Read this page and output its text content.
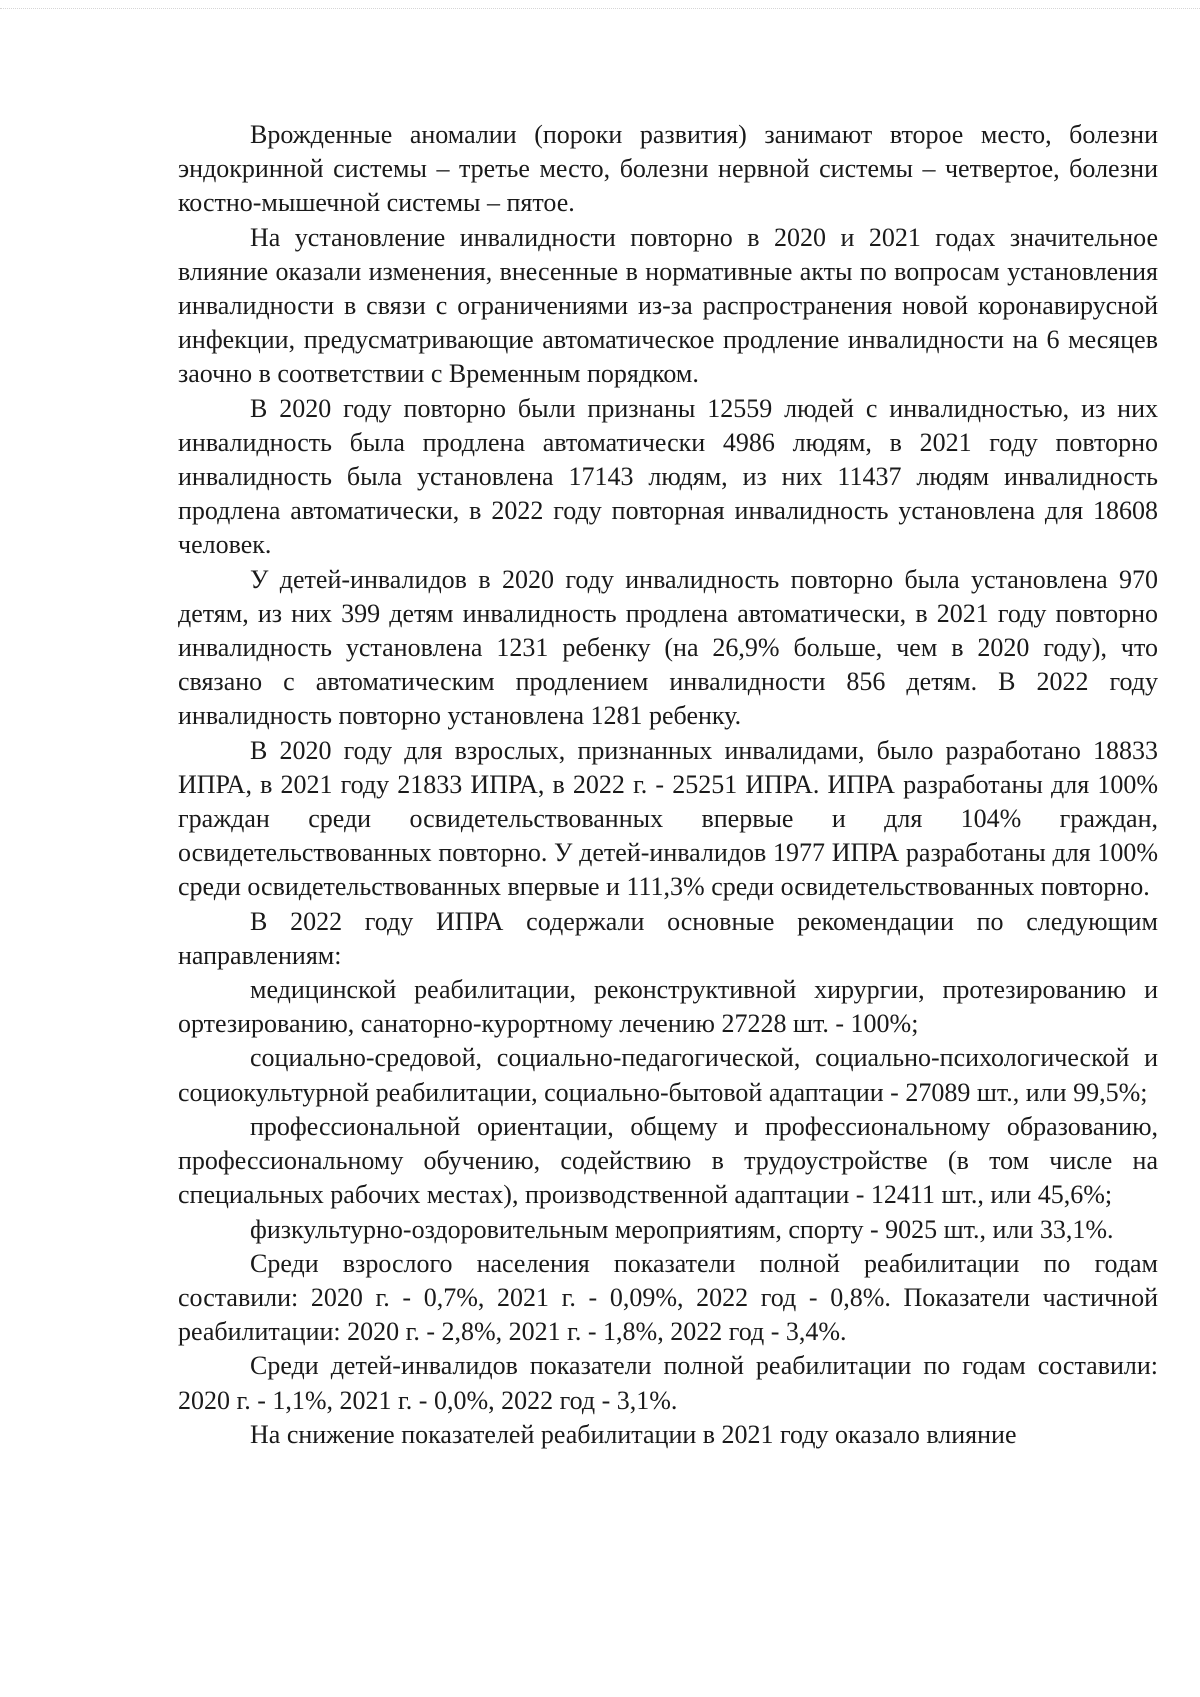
Врожденные аномалии (пороки развития) занимают второе место, болезни эндокринной системы – третье место, болезни нервной системы – четвертое, болезни костно-мышечной системы – пятое.

На установление инвалидности повторно в 2020 и 2021 годах значительное влияние оказали изменения, внесенные в нормативные акты по вопросам установления инвалидности в связи с ограничениями из-за распространения новой коронавирусной инфекции, предусматривающие автоматическое продление инвалидности на 6 месяцев заочно в соответствии с Временным порядком.

В 2020 году повторно были признаны 12559 людей с инвалидностью, из них инвалидность была продлена автоматически 4986 людям, в 2021 году повторно инвалидность была установлена 17143 людям, из них 11437 людям инвалидность продлена автоматически, в 2022 году повторная инвалидность установлена для 18608 человек.

У детей-инвалидов в 2020 году инвалидность повторно была установлена 970 детям, из них 399 детям инвалидность продлена автоматически, в 2021 году повторно инвалидность установлена 1231 ребенку (на 26,9% больше, чем в 2020 году), что связано с автоматическим продлением инвалидности 856 детям. В 2022 году инвалидность повторно установлена 1281 ребенку.

В 2020 году для взрослых, признанных инвалидами, было разработано 18833 ИПРА, в 2021 году 21833 ИПРА, в 2022 г. - 25251 ИПРА. ИПРА разработаны для 100% граждан среди освидетельствованных впервые и для 104% граждан, освидетельствованных повторно. У детей-инвалидов 1977 ИПРА разработаны для 100% среди освидетельствованных впервые и 111,3% среди освидетельствованных повторно.

В 2022 году ИПРА содержали основные рекомендации по следующим направлениям:

медицинской реабилитации, реконструктивной хирургии, протезированию и ортезированию, санаторно-курортному лечению 27228 шт. - 100%;

социально-средовой, социально-педагогической, социально-психологической и социокультурной реабилитации, социально-бытовой адаптации - 27089 шт., или 99,5%;

профессиональной ориентации, общему и профессиональному образованию, профессиональному обучению, содействию в трудоустройстве (в том числе на специальных рабочих местах), производственной адаптации - 12411 шт., или 45,6%;

физкультурно-оздоровительным мероприятиям, спорту - 9025 шт., или 33,1%.

Среди взрослого населения показатели полной реабилитации по годам составили: 2020 г. - 0,7%, 2021 г. - 0,09%, 2022 год - 0,8%. Показатели частичной реабилитации: 2020 г. - 2,8%, 2021 г. - 1,8%, 2022 год - 3,4%.

Среди детей-инвалидов показатели полной реабилитации по годам составили: 2020 г. - 1,1%, 2021 г. - 0,0%, 2022 год - 3,1%.

На снижение показателей реабилитации в 2021 году оказало влияние
